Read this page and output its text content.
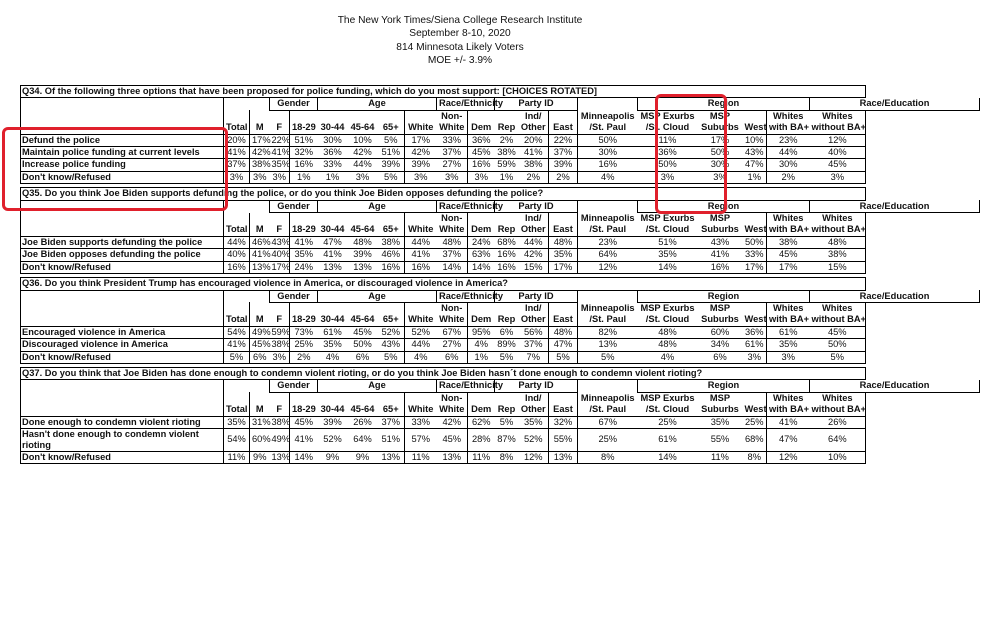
The New York Times/Siena College Research Institute
September 8-10, 2020
814 Minnesota Likely Voters
MOE +/- 3.9%
Q34. Of the following three options that have been proposed for police funding, which do you most support: [CHOICES ROTATED]																			
			Gender		Age				Race/Ethnicity		Party ID				Region				Race/Education
									Non-			Ind/		Minneapolis	MSP Exurbs	MSP		Whites	Whites
	Total	M	F	18-29	30-44	45-64	65+	White	White	Dem	Rep	Other	East	/St. Paul	/St. Cloud	Suburbs	West	with BA+	without BA+
Defund the police	20%	17%	22%	51%	30%	10%	5%	17%	33%	36%	2%	20%	22%	50%	11%	17%	10%	23%	12%
Maintain police funding at current levels	41%	42%	41%	32%	36%	42%	51%	42%	37%	45%	38%	41%	37%	30%	36%	50%	43%	44%	40%
Increase police funding	37%	38%	35%	16%	33%	44%	39%	39%	27%	16%	59%	38%	39%	16%	50%	30%	47%	30%	45%
Don't know/Refused	3%	3%	3%	1%	1%	3%	5%	3%	3%	3%	1%	2%	2%	4%	3%	3%	1%	2%	3%
Q35. Do you think Joe Biden supports defunding the police, or do you think Joe Biden opposes defunding the police?																			
			Gender		Age				Race/Ethnicity		Party ID				Region				Race/Education
									Non-			Ind/		Minneapolis	MSP Exurbs	MSP		Whites	Whites
	Total	M	F	18-29	30-44	45-64	65+	White	White	Dem	Rep	Other	East	/St. Paul	/St. Cloud	Suburbs	West	with BA+	without BA+
Joe Biden supports defunding the police	44%	46%	43%	41%	47%	48%	38%	44%	48%	24%	68%	44%	48%	23%	51%	43%	50%	38%	48%
Joe Biden opposes defunding the police	40%	41%	40%	35%	41%	39%	46%	41%	37%	63%	16%	42%	35%	64%	35%	41%	33%	45%	38%
Don't know/Refused	16%	13%	17%	24%	13%	13%	16%	16%	14%	14%	16%	15%	17%	12%	14%	16%	17%	17%	15%
Q36. Do you think President Trump has encouraged violence in America, or discouraged violence in America?																			
			Gender		Age				Race/Ethnicity		Party ID				Region				Race/Education
									Non-			Ind/		Minneapolis	MSP Exurbs	MSP		Whites	Whites
	Total	M	F	18-29	30-44	45-64	65+	White	White	Dem	Rep	Other	East	/St. Paul	/St. Cloud	Suburbs	West	with BA+	without BA+
Encouraged violence in America	54%	49%	59%	73%	61%	45%	52%	52%	67%	95%	6%	56%	48%	82%	48%	60%	36%	61%	45%
Discouraged violence in America	41%	45%	38%	25%	35%	50%	43%	44%	27%	4%	89%	37%	47%	13%	48%	34%	61%	35%	50%
Don't know/Refused	5%	6%	3%	2%	4%	6%	5%	4%	6%	1%	5%	7%	5%	5%	4%	6%	3%	3%	5%
Q37. Do you think that Joe Biden has done enough to condemn violent rioting, or do you think Joe Biden hasn´t done enough to condemn violent rioting?																			
			Gender		Age				Race/Ethnicity		Party ID				Region				Race/Education
									Non-			Ind/		Minneapolis	MSP Exurbs	MSP		Whites	Whites
	Total	M	F	18-29	30-44	45-64	65+	White	White	Dem	Rep	Other	East	/St. Paul	/St. Cloud	Suburbs	West	with BA+	without BA+
Done enough to condemn violent rioting	35%	31%	38%	45%	39%	26%	37%	33%	42%	62%	5%	35%	32%	67%	25%	35%	25%	41%	26%
Hasn't done enough to condemn violent rioting	54%	60%	49%	41%	52%	64%	51%	57%	45%	28%	87%	52%	55%	25%	61%	55%	68%	47%	64%
Don't know/Refused	11%	9%	13%	14%	9%	9%	13%	11%	13%	11%	8%	12%	13%	8%	14%	11%	8%	12%	10%
